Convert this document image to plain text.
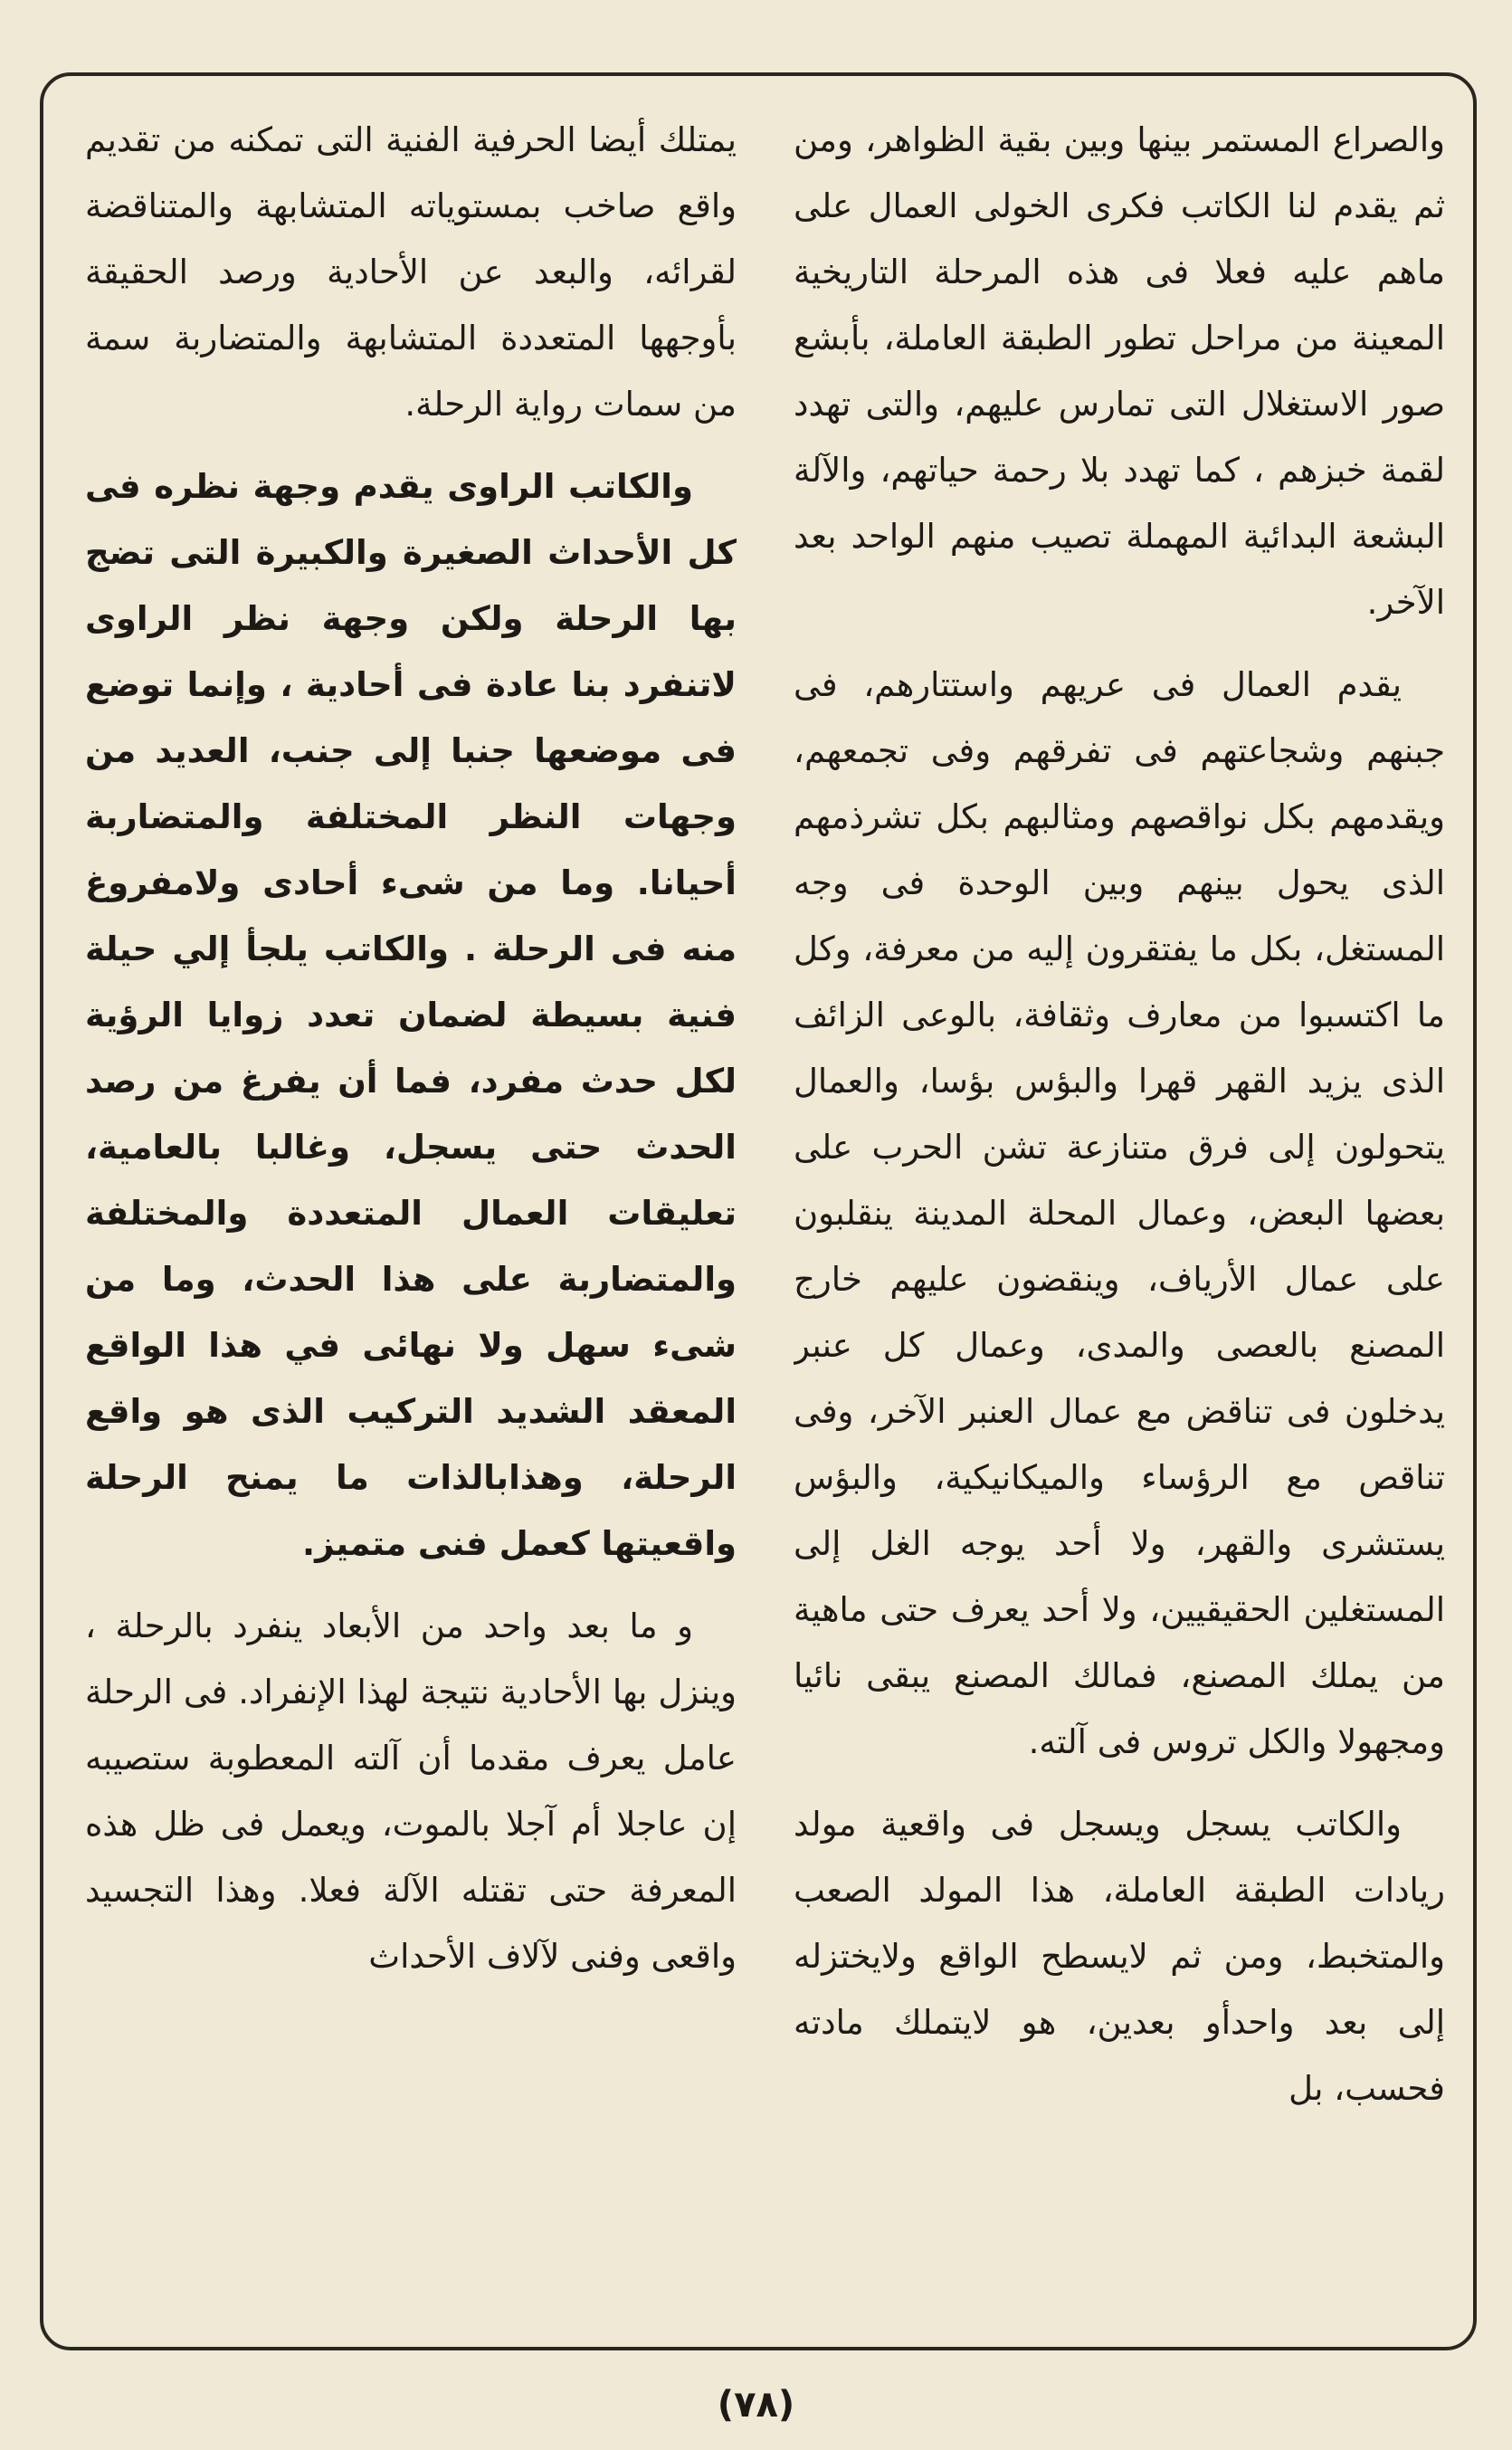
والصراع المستمر بينها وبين بقية الظواهر، ومن ثم يقدم لنا الكاتب فكرى الخولى العمال على ماهم عليه فعلا فى هذه المرحلة التاريخية المعينة من مراحل تطور الطبقة العاملة، بأبشع صور الاستغلال التى تمارس عليهم، والتى تهدد لقمة خبزهم ، كما تهدد بلا رحمة حياتهم، والآلة البشعة البدائية المهملة تصيب منهم الواحد بعد الآخر.

يقدم العمال فى عريهم واستتارهم، فى جبنهم وشجاعتهم فى تفرقهم وفى تجمعهم، ويقدمهم بكل نواقصهم ومثالبهم بكل تشرذمهم الذى يحول بينهم وبين الوحدة فى وجه المستغل، بكل ما يفتقرون إليه من معرفة، وكل ما اكتسبوا من معارف وثقافة، بالوعى الزائف الذى يزيد القهر قهرا والبؤس بؤسا، والعمال يتحولون إلى فرق متنازعة تشن الحرب على بعضها البعض، وعمال المحلة المدينة ينقلبون على عمال الأرياف، وينقضون عليهم خارج المصنع بالعصى والمدى، وعمال كل عنبر يدخلون فى تناقض مع عمال العنبر الآخر، وفى تناقص مع الرؤساء والميكانيكية، والبؤس يستشرى والقهر، ولا أحد يوجه الغل إلى المستغلين الحقيقيين، ولا أحد يعرف حتى ماهية من يملك المصنع، فمالك المصنع يبقى نائيا ومجهولا والكل تروس فى آلته.

والكاتب يسجل ويسجل فى واقعية مولد ريادات الطبقة العاملة، هذا المولد الصعب والمتخبط، ومن ثم لايسطح الواقع ولايختزله إلى بعد واحدأو بعدين، هو لايتملك مادته فحسب، بل

يمتلك أيضا الحرفية الفنية التى تمكنه من تقديم واقع صاخب بمستوياته المتشابهة والمتناقضة لقرائه، والبعد عن الأحادية ورصد الحقيقة بأوجهها المتعددة المتشابهة والمتضاربة سمة من سمات رواية الرحلة.

والكاتب الراوى يقدم وجهة نظره فى كل الأحداث الصغيرة والكبيرة التى تضج بها الرحلة ولكن وجهة نظر الراوى لاتنفرد بنا عادة فى أحادية ، وإنما توضع فى موضعها جنبا إلى جنب، العديد من وجهات النظر المختلفة والمتضاربة أحيانا. وما من شىء أحادى ولامفروغ منه فى الرحلة . والكاتب يلجأ إلي حيلة فنية بسيطة لضمان تعدد زوايا الرؤية لكل حدث مفرد، فما أن يفرغ من رصد الحدث حتى يسجل، وغالبا بالعامية، تعليقات العمال المتعددة والمختلفة والمتضاربة على هذا الحدث، وما من شىء سهل ولا نهائى في هذا الواقع المعقد الشديد التركيب الذى هو واقع الرحلة، وهذابالذات ما يمنح الرحلة واقعيتها كعمل فنى متميز.

و ما بعد واحد من الأبعاد ينفرد بالرحلة ، وينزل بها الأحادية نتيجة لهذا الإنفراد. فى الرحلة عامل يعرف مقدما أن آلته المعطوبة ستصيبه إن عاجلا أم آجلا بالموت، ويعمل فى ظل هذه المعرفة حتى تقتله الآلة فعلا. وهذا التجسيد واقعى وفنى لآلاف الأحداث

(٧٨)
